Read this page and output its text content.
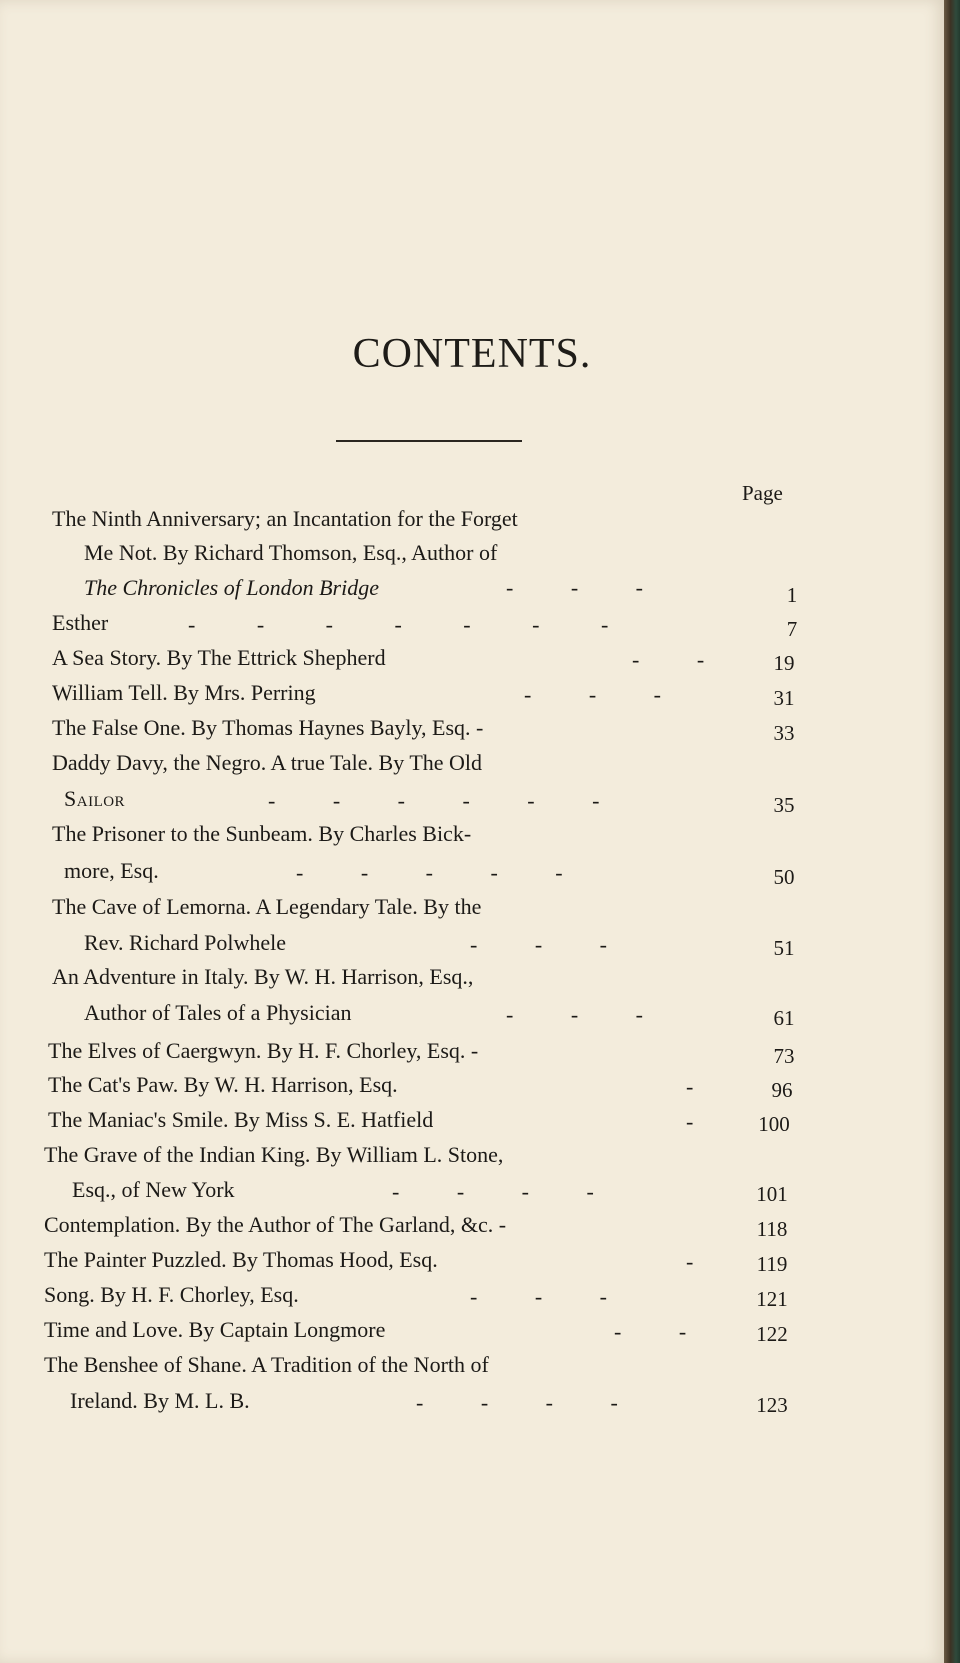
CONTENTS.
Page
The Ninth Anniversary; an Incantation for the Forget
Me Not. By Richard Thomson, Esq., Author of
The Chronicles of London Bridge	- - -	1
Esther	- - - - - - -	7
A Sea Story. By The Ettrick Shepherd	- -	19
William Tell. By Mrs. Perring	- - -	31
The False One. By Thomas Haynes Bayly, Esq. -	33
Daddy Davy, the Negro. A true Tale. By The Old
Sailor	- - - - - -	35
The Prisoner to the Sunbeam. By Charles Bick-
more, Esq.	- - - - -	50
The Cave of Lemorna. A Legendary Tale. By the
Rev. Richard Polwhele	- - -	51
An Adventure in Italy. By W. H. Harrison, Esq.,
Author of Tales of a Physician	- - -	61
The Elves of Caergwyn. By H. F. Chorley, Esq. -	73
The Cat's Paw. By W. H. Harrison, Esq.	-	96
The Maniac's Smile. By Miss S. E. Hatfield	-	100
The Grave of the Indian King. By William L. Stone,
Esq., of New York	- - - -	101
Contemplation. By the Author of The Garland, &c. -	118
The Painter Puzzled. By Thomas Hood, Esq.	-	119
Song. By H. F. Chorley, Esq.	- - -	121
Time and Love. By Captain Longmore	- -	122
The Benshee of Shane. A Tradition of the North of
Ireland. By M. L. B.	- - - -	123
